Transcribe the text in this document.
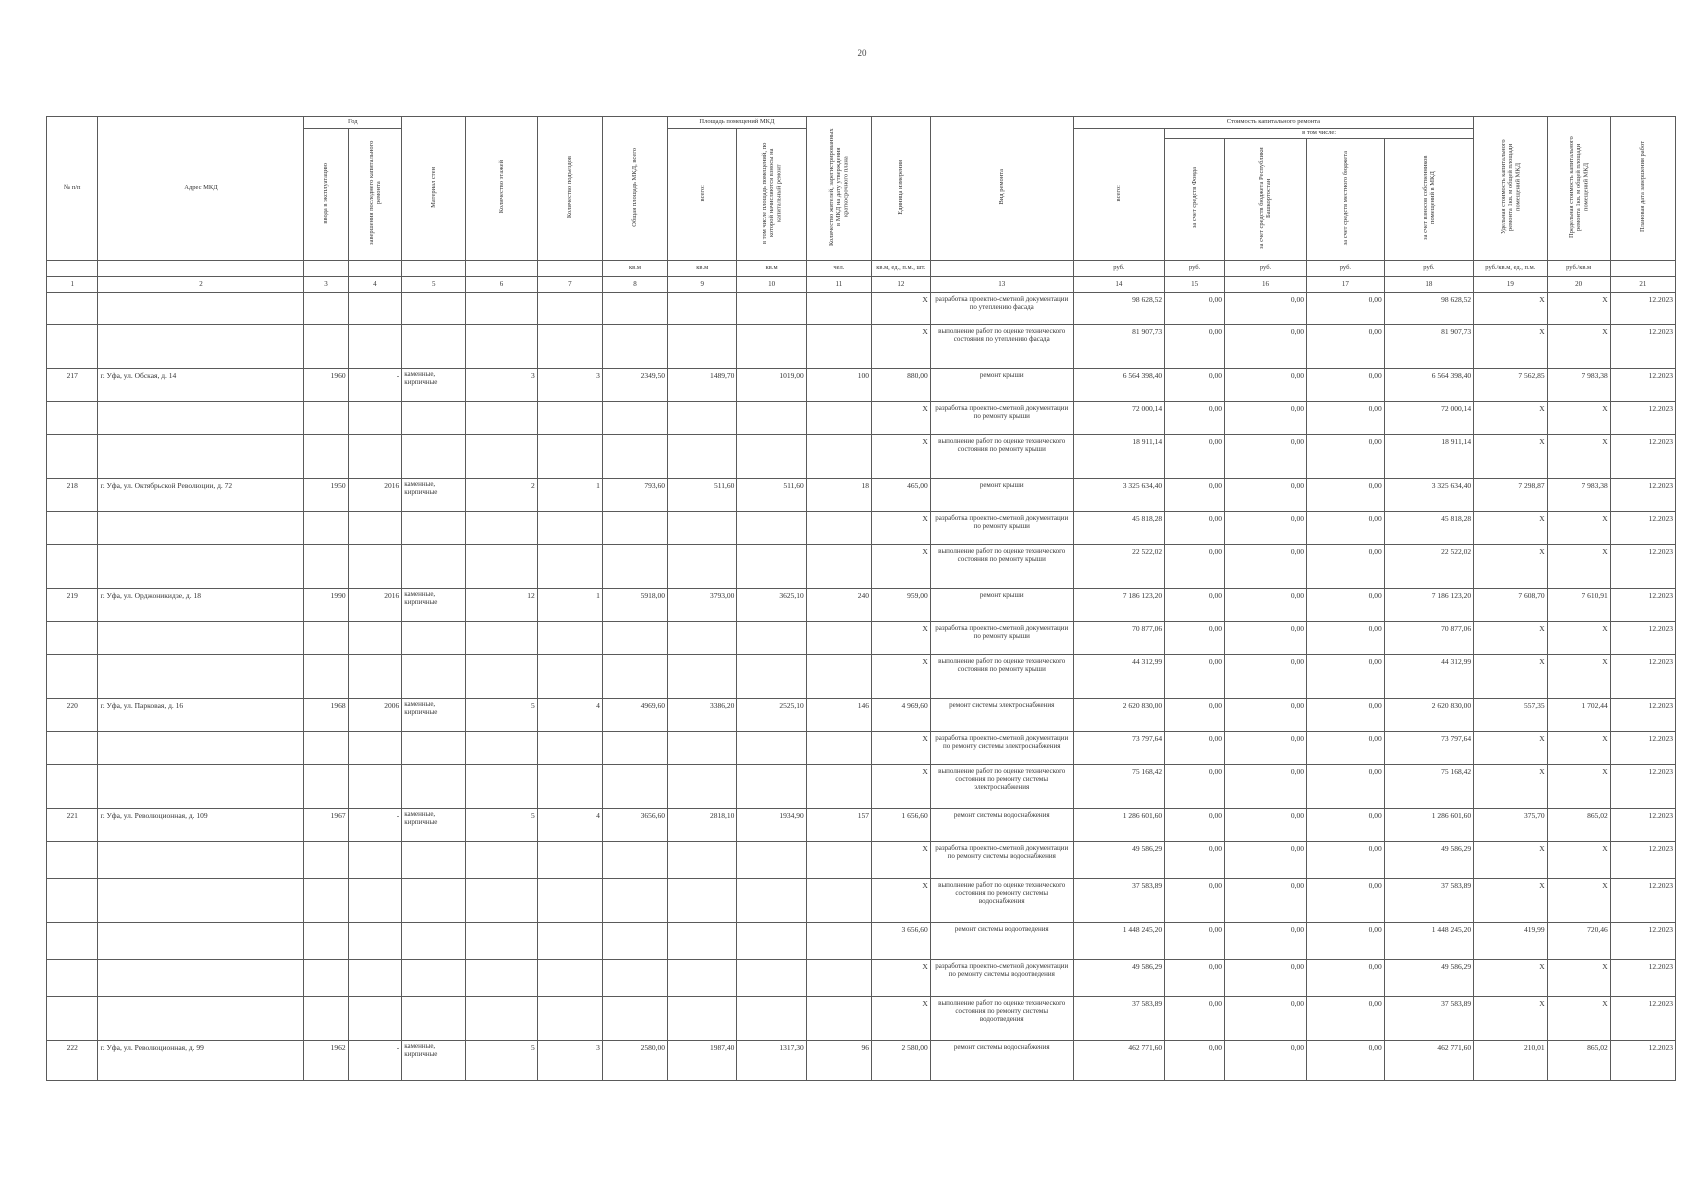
20
№ п/п	Адрес МКД	Год		Материал стен	Количество этажей	Количество подъездов	Общая площадь МКД, всего	Площадь помещений МКД		Количество жителей, зарегистрированных в МКД на дату утверждения краткосрочного плана	Единица измерения	Вид ремонта	Стоимость капитального ремонта					Удельная стоимость капитального ремонта 1кв. м общей площади помещений МКД	Предельная стоимость капитального ремонта 1кв. м общей площади помещений МКД	Плановая дата завершения работ
		ввода в эксплуатацию	завершения последнего капитального ремонта					всего:	в том числе площадь помещений, по которой начисляются взносы на капитальный ремонт				всего:	в том числе:						
														за счет средств Фонда	за счет средств бюджета Республики Башкортостан	за счет средств местного бюджета	за счет взносов собственников помещений в МКД			
							кв.м	кв.м	кв.м	чел.	кв.м, ед., п.м., шт.		руб.	руб.	руб.	руб.	руб.	руб./кв.м, ед., п.м.	руб./кв.м	
1	2	3	4	5	6	7	8	9	10	11	12	13	14	15	16	17	18	19	20	21
											X	разработка проектно-сметной документации по утеплению фасада	98 628,52	0,00	0,00	0,00	98 628,52	X	X	12.2023
											X	выполнение работ по оценке технического состояния по утеплению фасада	81 907,73	0,00	0,00	0,00	81 907,73	X	X	12.2023
217	г. Уфа, ул. Обская, д. 14	1960	-	каменные, кирпичные	3	3	2349,50	1489,70	1019,00	100	880,00	ремонт крыши	6 564 398,40	0,00	0,00	0,00	6 564 398,40	7 562,85	7 983,38	12.2023
											X	разработка проектно-сметной документации по ремонту крыши	72 000,14	0,00	0,00	0,00	72 000,14	X	X	12.2023
											X	выполнение работ по оценке технического состояния по ремонту крыши	18 911,14	0,00	0,00	0,00	18 911,14	X	X	12.2023
218	г. Уфа, ул. Октябрьской Революции, д. 72	1950	2016	каменные, кирпичные	2	1	793,60	511,60	511,60	18	465,00	ремонт крыши	3 325 634,40	0,00	0,00	0,00	3 325 634,40	7 298,87	7 983,38	12.2023
											X	разработка проектно-сметной документации по ремонту крыши	45 818,28	0,00	0,00	0,00	45 818,28	X	X	12.2023
											X	выполнение работ по оценке технического состояния по ремонту крыши	22 522,02	0,00	0,00	0,00	22 522,02	X	X	12.2023
219	г. Уфа, ул. Орджоникидзе, д. 18	1990	2016	каменные, кирпичные	12	1	5918,00	3793,00	3625,10	240	959,00	ремонт крыши	7 186 123,20	0,00	0,00	0,00	7 186 123,20	7 608,70	7 610,91	12.2023
											X	разработка проектно-сметной документации по ремонту крыши	70 877,06	0,00	0,00	0,00	70 877,06	X	X	12.2023
											X	выполнение работ по оценке технического состояния по ремонту крыши	44 312,99	0,00	0,00	0,00	44 312,99	X	X	12.2023
220	г. Уфа, ул. Парковая, д. 16	1968	2006	каменные, кирпичные	5	4	4969,60	3386,20	2525,10	146	4 969,60	ремонт системы электроснабжения	2 620 830,00	0,00	0,00	0,00	2 620 830,00	557,35	1 702,44	12.2023
											X	разработка проектно-сметной документации по ремонту системы электроснабжения	73 797,64	0,00	0,00	0,00	73 797,64	X	X	12.2023
											X	выполнение работ по оценке технического состояния по ремонту системы электроснабжения	75 168,42	0,00	0,00	0,00	75 168,42	X	X	12.2023
221	г. Уфа, ул. Революционная, д. 109	1967	-	каменные, кирпичные	5	4	3656,60	2818,10	1934,90	157	1 656,60	ремонт системы водоснабжения	1 286 601,60	0,00	0,00	0,00	1 286 601,60	375,70	865,02	12.2023
											X	разработка проектно-сметной документации по ремонту системы водоснабжения	49 586,29	0,00	0,00	0,00	49 586,29	X	X	12.2023
											X	выполнение работ по оценке технического состояния по ремонту системы водоснабжения	37 583,89	0,00	0,00	0,00	37 583,89	X	X	12.2023
											3 656,60	ремонт системы водоотведения	1 448 245,20	0,00	0,00	0,00	1 448 245,20	419,99	720,46	12.2023
											X	разработка проектно-сметной документации по ремонту системы водоотведения	49 586,29	0,00	0,00	0,00	49 586,29	X	X	12.2023
											X	выполнение работ по оценке технического состояния по ремонту системы водоотведения	37 583,89	0,00	0,00	0,00	37 583,89	X	X	12.2023
222	г. Уфа, ул. Революционная, д. 99	1962	-	каменные, кирпичные	5	3	2580,00	1987,40	1317,30	96	2 580,00	ремонт системы водоснабжения	462 771,60	0,00	0,00	0,00	462 771,60	210,01	865,02	12.2023
